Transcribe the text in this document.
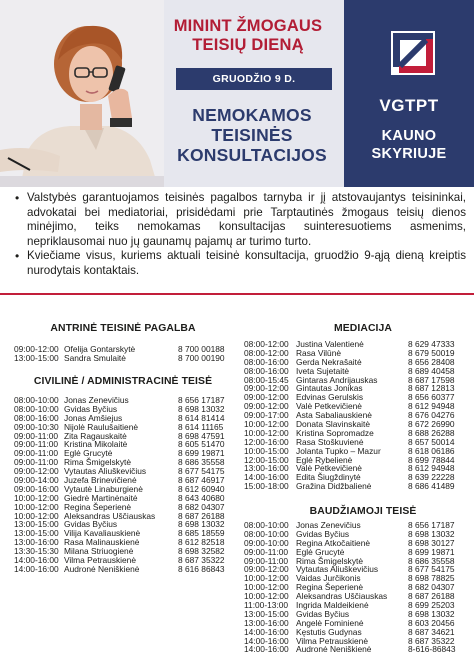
MININT ŽMOGAUS
TEISIŲ DIENĄ
GRUODŽIO 9 D.
NEMOKAMOS
TEISINĖS
KONSULTACIJOS
VGTPT
KAUNO
SKYRIUJE
• Valstybės garantuojamos teisinės pagalbos tarnyba ir jį atstovaujantys teisininkai, advokatai bei mediatoriai, prisidėdami prie Tarptautinės žmogaus teisių dienos minėjimo, teiks nemokamas konsultacijas suinteresuotiems asmenims, nepriklausomai nuo jų gaunamų pajamų ar turimo turto.
• Kviečiame visus, kuriems aktuali teisinė konsultacija, gruodžio 9-ąją dieną kreiptis nurodytais kontaktais.
ANTRINĖ TEISINĖ PAGALBA
CIVILINĖ / ADMINISTRACINĖ TEISĖ
MEDIACIJA
BAUDŽIAMOJI TEISĖ
09:00-12:00 Ofelija Gontarskytė	8 700 00188
13:00-15:00 Sandra Smulaitė	8 700 00190
08:00-10:00 Jonas Zenevičius	8 656 17187
08:00-10:00 Gvidas Byčius	8 698 13032
08:00-16:00 Jonas Amšiejus	8 614 81414
09:00-10:30 Nijolė Raulušaitienė	8 614 11165
09:00-11:00 Zita Ragauskaitė	8 698 47591
09:00-11:00 Kristina Mikolaitė	8 605 51470
09:00-11:00 Eglė Grucytė	8 699 19871
09:00-11:00 Rima Šmigelskytė	8 686 35558
09:00-12:00 Vytautas Aliuškevičius	8 677 54175
09:00-14:00 Juzefa Brinevičienė	8 687 46917
09:00-16:00 Vytautė Linaburgienė	8 612 60940
10:00-12:00 Giedrė Martinėnaitė	8 643 40680
10:00-12:00 Regina Šeperienė	8 682 04307
10:00-12:00 Aleksandras Uščiauskas	8 687 26188
13:00-15:00 Gvidas Byčius	8 698 13032
13:00-15:00 Vilija Kavaliauskienė	8 685 18559
13:00-16:00 Rasa Malinauskienė	8 612 82518
13:30-15:30 Milana Striuogienė	8 698 32582
14:00-16:00 Vilma Petrauskienė	8 687 35322
14:00-16:00 Audronė Neniškienė	8 616 86843
08:00-12:00 Justina Valentienė	8 629 47333
08:00-12:00 Rasa Vilūnė	8 679 50019
08:00-16:00 Gerda Nekrašaitė	8 656 28408
08:00-16:00 Iveta Sujetaitė	8 689 40458
08:00-15:45 Gintaras Andrijauskas	8 687 17598
09:00-12:00 Gintautas Jonikas	8 687 12813
09:00-12:00 Edvinas Gerulskis	8 656 60377
09:00-12:00 Valė Petkevičienė	8 612 94948
09:00-17:00 Asta Sabaliauskienė	8 676 04276
10:00-12:00 Donata Slavinskaitė	8 672 26990
10:00-12:00 Kristina Sopromadze	8 688 26288
12:00-16:00 Rasa Stoškuvienė	8 657 50014
10:00-15:00 Jolanta Tupko – Mazur	8 618 06186
12:00-15:00 Eglė Rybelienė	8 699 78844
13:00-16:00 Valė Petkevičienė	8 612 94948
14:00-16:00 Edita Šiugždinytė	8 639 22228
15:00-18:00 Gražina Didžbalienė	8 686 41489
08:00-10:00 Jonas Zenevičius	8 656 17187
08:00-10:00 Gvidas Byčius	8 698 13032
09:00-10:00 Regina Atkočaitienė	8 698 30127
09:00-11:00 Eglė Grucytė	8 699 19871
09:00-11:00 Rima Šmigelskytė	8 686 35558
09:00-12:00 Vytautas Aliuškevičius	8 677 54175
10:00-12:00 Vaidas Jurčikonis	8 698 78825
10:00-12:00 Regina Šeperienė	8 682 04307
10:00-12:00 Aleksandras Uščiauskas 8 687 26188
11:00-13:00 Ingrida Maldeikienė	8 699 25203
13:00-15:00 Gvidas Byčius	8 698 13032
13:00-16:00 Angelė Fominienė	8 603 20456
14:00-16:00 Kęstutis Gudynas	8 687 34621
14:00-16:00 Vilma Petrauskienė	8 687 35322
14:00-16:00 Audronė Neniškienė	8-616-86843
